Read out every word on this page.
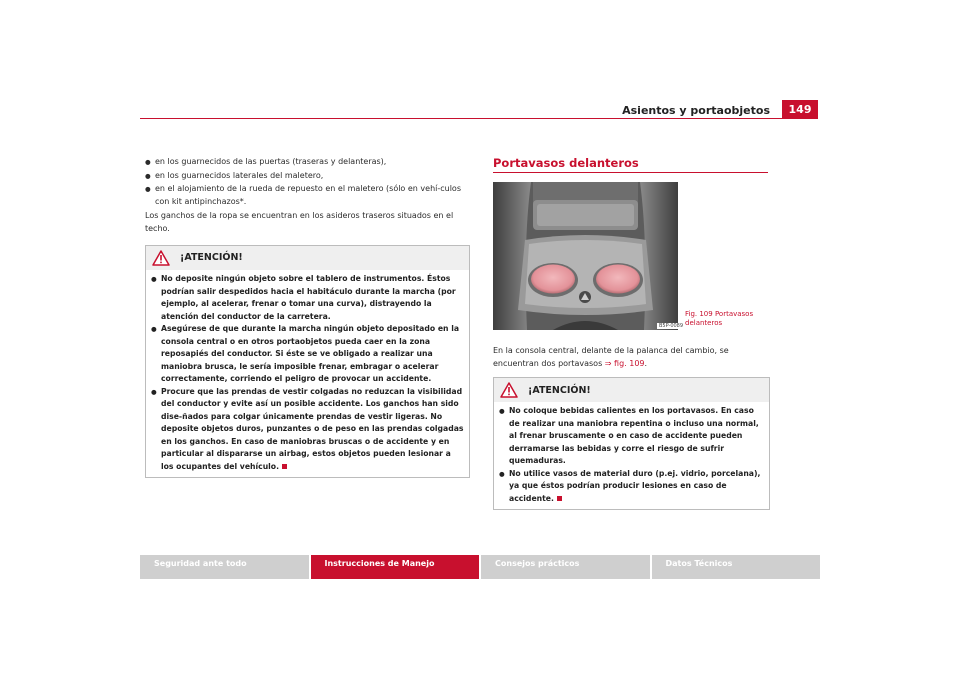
Asientos y portaobjetos	149
● en los guarnecidos de las puertas (traseras y delanteras),
● en los guarnecidos laterales del maletero,
● en el alojamiento de la rueda de repuesto en el maletero (sólo en vehí-culos con kit antipinchazos*.

Los ganchos de la ropa se encuentran en los asideros traseros situados en el techo.

¡ATENCIÓN!
● No deposite ningún objeto sobre el tablero de instrumentos. Éstos podrían salir despedidos hacia el habitáculo durante la marcha (por ejemplo, al acelerar, frenar o tomar una curva), distrayendo la atención del conductor de la carretera.
● Asegúrese de que durante la marcha ningún objeto depositado en la consola central o en otros portaobjetos pueda caer en la zona reposapiés del conductor. Si éste se ve obligado a realizar una maniobra brusca, le sería imposible frenar, embragar o acelerar correctamente, corriendo el peligro de provocar un accidente.
● Procure que las prendas de vestir colgadas no reduzcan la visibilidad del conductor y evite así un posible accidente. Los ganchos han sido dise-ñados para colgar únicamente prendas de vestir ligeras. No deposite objetos duros, punzantes o de peso en las prendas colgadas en los ganchos. En caso de maniobras bruscas o de accidente y en particular al dispararse un airbag, estos objetos pueden lesionar a los ocupantes del vehículo.
Portavasos delanteros
B5P-0089
Fig. 109 Portavasos delanteros
En la consola central, delante de la palanca del cambio, se encuentran dos portavasos ⇒ fig. 109.
¡ATENCIÓN!
● No coloque bebidas calientes en los portavasos. En caso de realizar una maniobra repentina o incluso una normal, al frenar bruscamente o en caso de accidente pueden derramarse las bebidas y corre el riesgo de sufrir quemaduras.
● No utilice vasos de material duro (p.ej. vidrio, porcelana), ya que éstos podrían producir lesiones en caso de accidente.
Seguridad ante todo	Instrucciones de Manejo	Consejos prácticos	Datos Técnicos
